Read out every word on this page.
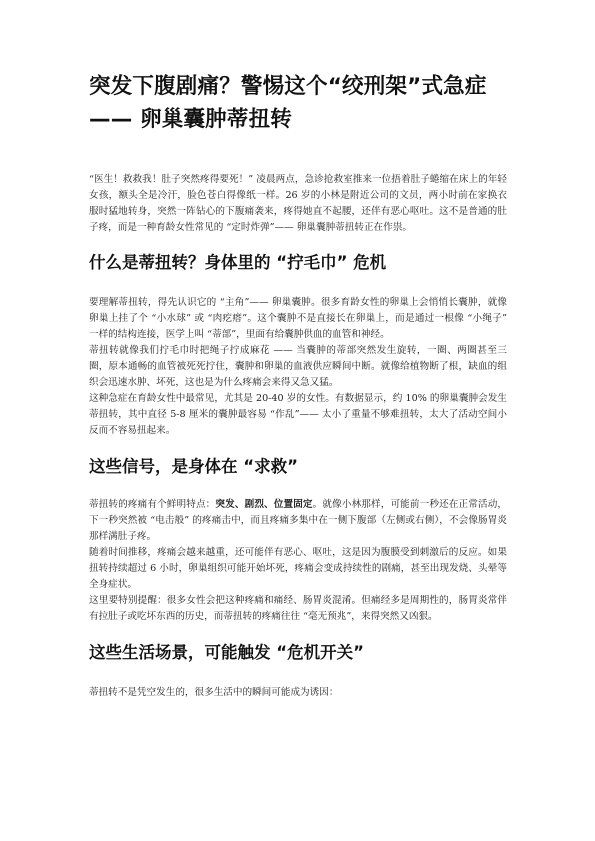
突发下腹剧痛？警惕这个“绞刑架”式急症 —— 卵巢囊肿蒂扭转

“医生！救救我！肚子突然疼得要死！” 凌晨两点，急诊抢救室推来一位捂着肚子蜷缩在床上的年轻女孩，额头全是冷汗，脸色苍白得像纸一样。26 岁的小林是附近公司的文员，两小时前在家换衣服时猛地转身，突然一阵钻心的下腹痛袭来，疼得她直不起腰，还伴有恶心呕吐。这不是普通的肚子疼，而是一种育龄女性常见的 “定时炸弹”—— 卵巢囊肿蒂扭转正在作祟。

什么是蒂扭转？身体里的 “拧毛巾” 危机

要理解蒂扭转，得先认识它的 “主角”—— 卵巢囊肿。很多育龄女性的卵巢上会悄悄长囊肿，就像卵巢上挂了个 “小水球” 或 “肉疙瘩”。这个囊肿不是直接长在卵巢上，而是通过一根像 “小绳子” 一样的结构连接，医学上叫 “蒂部”，里面有给囊肿供血的血管和神经。

蒂扭转就像我们拧毛巾时把绳子拧成麻花 —— 当囊肿的蒂部突然发生旋转，一圈、两圈甚至三圈，原本通畅的血管被死死拧住，囊肿和卵巢的血液供应瞬间中断。就像给植物断了根，缺血的组织会迅速水肿、坏死，这也是为什么疼痛会来得又急又猛。

这种急症在育龄女性中最常见，尤其是 20-40 岁的女性。有数据显示，约 10% 的卵巢囊肿会发生蒂扭转，其中直径 5-8 厘米的囊肿最容易 “作乱”—— 太小了重量不够难扭转，太大了活动空间小反而不容易扭起来。

这些信号，是身体在 “求救”

蒂扭转的疼痛有个鲜明特点：突发、剧烈、位置固定。就像小林那样，可能前一秒还在正常活动，下一秒突然被 “电击般” 的疼痛击中，而且疼痛多集中在一侧下腹部（左侧或右侧），不会像肠胃炎那样满肚子疼。

随着时间推移，疼痛会越来越重，还可能伴有恶心、呕吐，这是因为腹膜受到刺激后的反应。如果扭转持续超过 6 小时，卵巢组织可能开始坏死，疼痛会变成持续性的剧痛，甚至出现发烧、头晕等全身症状。

这里要特别提醒：很多女性会把这种疼痛和痛经、肠胃炎混淆。但痛经多是周期性的，肠胃炎常伴有拉肚子或吃坏东西的历史，而蒂扭转的疼痛往往 “毫无预兆”，来得突然又凶狠。

这些生活场景，可能触发 “危机开关”

蒂扭转不是凭空发生的，很多生活中的瞬间可能成为诱因：
